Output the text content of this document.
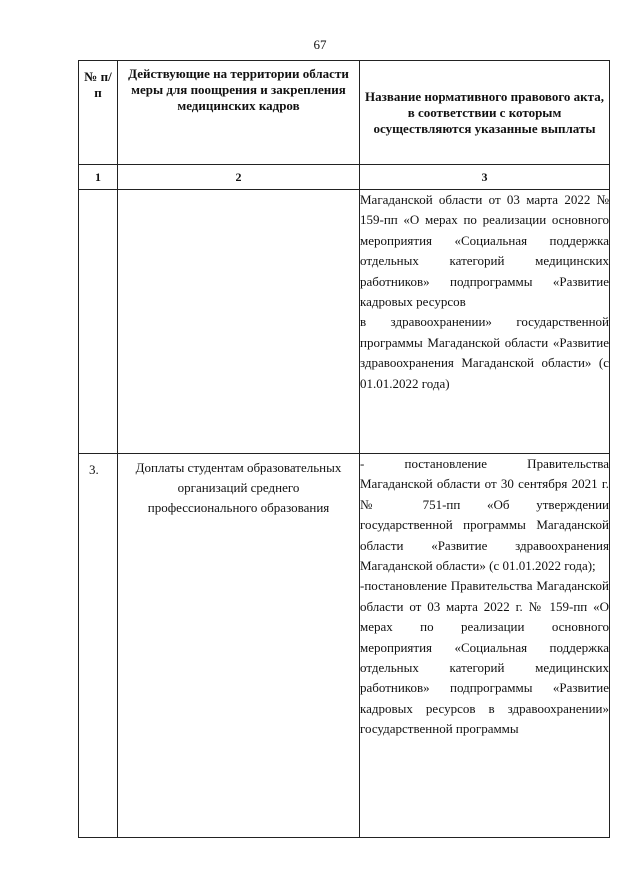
67
№ п/п	Действующие на территории области меры для поощрения и закрепления медицинских кадров	Название нормативного правового акта, в соответствии с которым осуществляются указанные выплаты
1	2	3

		Магаданской области от 03 марта 2022 № 159-пп «О мерах по реализации основного мероприятия «Социальная поддержка отдельных категорий медицинских работников» подпрограммы «Развитие кадровых ресурсов

в здравоохранении» государственной программы Магаданской области «Развитие здравоохранения Магаданской области» (с 01.01.2022 года)

3.	Доплаты студентам образовательных организаций среднего профессионального образования	- постановление Правительства Магаданской области от 30 сентября 2021 г. № 751-пп «Об утверждении государственной программы Магаданской области «Развитие здравоохранения Магаданской области» (с 01.01.2022 года);

-постановление Правительства Магаданской области от 03 марта 2022 г. № 159-пп «О мерах по реализации основного мероприятия «Социальная поддержка отдельных категорий медицинских работников» подпрограммы «Развитие кадровых ресурсов в здравоохранении» государственной программы
